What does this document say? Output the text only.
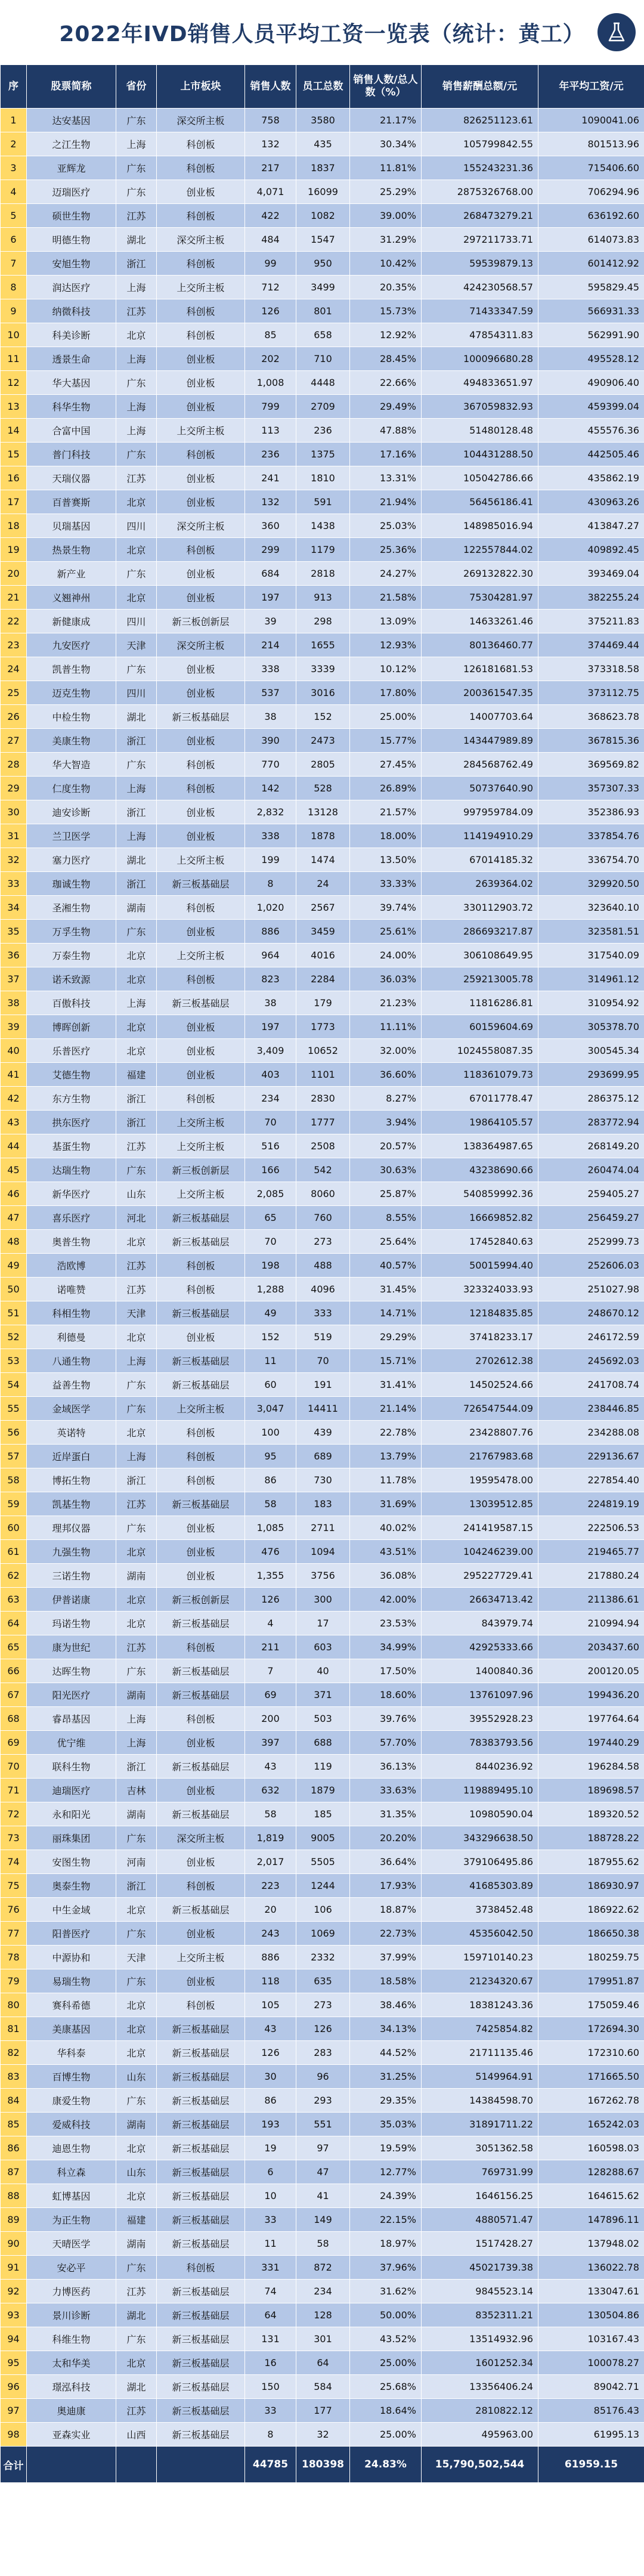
2022年IVD销售人员平均工资一览表（统计：黄工）
序	股票简称	省份	上市板块	销售人数	员工总数	销售人数/总人数（%）	销售薪酬总额/元	年平均工资/元
1	达安基因	广东	深交所主板	758	3580	21.17%	826251123.61	1090041.06
2	之江生物	上海	科创板	132	435	30.34%	105799842.55	801513.96
3	亚辉龙	广东	科创板	217	1837	11.81%	155243231.36	715406.60
4	迈瑞医疗	广东	创业板	4,071	16099	25.29%	2875326768.00	706294.96
5	硕世生物	江苏	科创板	422	1082	39.00%	268473279.21	636192.60
6	明德生物	湖北	深交所主板	484	1547	31.29%	297211733.71	614073.83
7	安旭生物	浙江	科创板	99	950	10.42%	59539879.13	601412.92
8	润达医疗	上海	上交所主板	712	3499	20.35%	424230568.57	595829.45
9	纳微科技	江苏	科创板	126	801	15.73%	71433347.59	566931.33
10	科美诊断	北京	科创板	85	658	12.92%	47854311.83	562991.90
11	透景生命	上海	创业板	202	710	28.45%	100096680.28	495528.12
12	华大基因	广东	创业板	1,008	4448	22.66%	494833651.97	490906.40
13	科华生物	上海	创业板	799	2709	29.49%	367059832.93	459399.04
14	合富中国	上海	上交所主板	113	236	47.88%	51480128.48	455576.36
15	普门科技	广东	科创板	236	1375	17.16%	104431288.50	442505.46
16	天瑞仪器	江苏	创业板	241	1810	13.31%	105042786.66	435862.19
17	百普赛斯	北京	创业板	132	591	21.94%	56456186.41	430963.26
18	贝瑞基因	四川	深交所主板	360	1438	25.03%	148985016.94	413847.27
19	热景生物	北京	科创板	299	1179	25.36%	122557844.02	409892.45
20	新产业	广东	创业板	684	2818	24.27%	269132822.30	393469.04
21	义翘神州	北京	创业板	197	913	21.58%	75304281.97	382255.24
22	新健康成	四川	新三板创新层	39	298	13.09%	14633261.46	375211.83
23	九安医疗	天津	深交所主板	214	1655	12.93%	80136460.77	374469.44
24	凯普生物	广东	创业板	338	3339	10.12%	126181681.53	373318.58
25	迈克生物	四川	创业板	537	3016	17.80%	200361547.35	373112.75
26	中检生物	湖北	新三板基础层	38	152	25.00%	14007703.64	368623.78
27	美康生物	浙江	创业板	390	2473	15.77%	143447989.89	367815.36
28	华大智造	广东	科创板	770	2805	27.45%	284568762.49	369569.82
29	仁度生物	上海	科创板	142	528	26.89%	50737640.90	357307.33
30	迪安诊断	浙江	创业板	2,832	13128	21.57%	997959784.09	352386.93
31	兰卫医学	上海	创业板	338	1878	18.00%	114194910.29	337854.76
32	塞力医疗	湖北	上交所主板	199	1474	13.50%	67014185.32	336754.70
33	珈诚生物	浙江	新三板基础层	8	24	33.33%	2639364.02	329920.50
34	圣湘生物	湖南	科创板	1,020	2567	39.74%	330112903.72	323640.10
35	万孚生物	广东	创业板	886	3459	25.61%	286693217.87	323581.51
36	万泰生物	北京	上交所主板	964	4016	24.00%	306108649.95	317540.09
37	诺禾致源	北京	科创板	823	2284	36.03%	259213005.78	314961.12
38	百傲科技	上海	新三板基础层	38	179	21.23%	11816286.81	310954.92
39	博晖创新	北京	创业板	197	1773	11.11%	60159604.69	305378.70
40	乐普医疗	北京	创业板	3,409	10652	32.00%	1024558087.35	300545.34
41	艾德生物	福建	创业板	403	1101	36.60%	118361079.73	293699.95
42	东方生物	浙江	科创板	234	2830	8.27%	67011778.47	286375.12
43	拱东医疗	浙江	上交所主板	70	1777	3.94%	19864105.57	283772.94
44	基蛋生物	江苏	上交所主板	516	2508	20.57%	138364987.65	268149.20
45	达瑞生物	广东	新三板创新层	166	542	30.63%	43238690.66	260474.04
46	新华医疗	山东	上交所主板	2,085	8060	25.87%	540859992.36	259405.27
47	喜乐医疗	河北	新三板基础层	65	760	8.55%	16669852.82	256459.27
48	奥普生物	北京	新三板基础层	70	273	25.64%	17452840.63	252999.73
49	浩欧博	江苏	科创板	198	488	40.57%	50015994.40	252606.03
50	诺唯赞	江苏	科创板	1,288	4096	31.45%	323324033.93	251027.98
51	科相生物	天津	新三板基础层	49	333	14.71%	12184835.85	248670.12
52	利德曼	北京	创业板	152	519	29.29%	37418233.17	246172.59
53	八通生物	上海	新三板基础层	11	70	15.71%	2702612.38	245692.03
54	益善生物	广东	新三板基础层	60	191	31.41%	14502524.66	241708.74
55	金域医学	广东	上交所主板	3,047	14411	21.14%	726547544.09	238446.85
56	英诺特	北京	科创板	100	439	22.78%	23428807.76	234288.08
57	近岸蛋白	上海	科创板	95	689	13.79%	21767983.68	229136.67
58	博拓生物	浙江	科创板	86	730	11.78%	19595478.00	227854.40
59	凯基生物	江苏	新三板基础层	58	183	31.69%	13039512.85	224819.19
60	理邦仪器	广东	创业板	1,085	2711	40.02%	241419587.15	222506.53
61	九强生物	北京	创业板	476	1094	43.51%	104246239.00	219465.77
62	三诺生物	湖南	创业板	1,355	3756	36.08%	295227729.41	217880.24
63	伊普诺康	北京	新三板创新层	126	300	42.00%	26634713.42	211386.61
64	玛诺生物	北京	新三板基础层	4	17	23.53%	843979.74	210994.94
65	康为世纪	江苏	科创板	211	603	34.99%	42925333.66	203437.60
66	达晖生物	广东	新三板基础层	7	40	17.50%	1400840.36	200120.05
67	阳光医疗	湖南	新三板基础层	69	371	18.60%	13761097.96	199436.20
68	睿昂基因	上海	科创板	200	503	39.76%	39552928.23	197764.64
69	优宁维	上海	创业板	397	688	57.70%	78383793.56	197440.29
70	联科生物	浙江	新三板基础层	43	119	36.13%	8440236.92	196284.58
71	迪瑞医疗	吉林	创业板	632	1879	33.63%	119889495.10	189698.57
72	永和阳光	湖南	新三板基础层	58	185	31.35%	10980590.04	189320.52
73	丽珠集团	广东	深交所主板	1,819	9005	20.20%	343296638.50	188728.22
74	安图生物	河南	创业板	2,017	5505	36.64%	379106495.86	187955.62
75	奥泰生物	浙江	科创板	223	1244	17.93%	41685303.89	186930.97
76	中生金域	北京	新三板基础层	20	106	18.87%	3738452.48	186922.62
77	阳普医疗	广东	创业板	243	1069	22.73%	45356042.50	186650.38
78	中源协和	天津	上交所主板	886	2332	37.99%	159710140.23	180259.75
79	易瑞生物	广东	创业板	118	635	18.58%	21234320.67	179951.87
80	赛科希德	北京	科创板	105	273	38.46%	18381243.36	175059.46
81	美康基因	北京	新三板基础层	43	126	34.13%	7425854.82	172694.30
82	华科泰	北京	新三板基础层	126	283	44.52%	21711135.46	172310.60
83	百博生物	山东	新三板基础层	30	96	31.25%	5149964.91	171665.50
84	康爱生物	广东	新三板基础层	86	293	29.35%	14384598.70	167262.78
85	爱威科技	湖南	新三板基础层	193	551	35.03%	31891711.22	165242.03
86	迪恩生物	北京	新三板基础层	19	97	19.59%	3051362.58	160598.03
87	科立森	山东	新三板基础层	6	47	12.77%	769731.99	128288.67
88	虹博基因	北京	新三板基础层	10	41	24.39%	1646156.25	164615.62
89	为正生物	福建	新三板基础层	33	149	22.15%	4880571.47	147896.11
90	天晴医学	湖南	新三板基础层	11	58	18.97%	1517428.27	137948.02
91	安必平	广东	科创板	331	872	37.96%	45021739.38	136022.78
92	力博医药	江苏	新三板基础层	74	234	31.62%	9845523.14	133047.61
93	景川诊断	湖北	新三板基础层	64	128	50.00%	8352311.21	130504.86
94	科维生物	广东	新三板基础层	131	301	43.52%	13514932.96	103167.43
95	太和华美	北京	新三板基础层	16	64	25.00%	1601252.34	100078.27
96	璟泓科技	湖北	新三板基础层	150	584	25.68%	13356406.24	89042.71
97	奥迪康	江苏	新三板基础层	33	177	18.64%	2810822.12	85176.43
98	亚森实业	山西	新三板基础层	8	32	25.00%	495963.00	61995.13
合计				44785	180398	24.83%	15,790,502,544	61959.15
